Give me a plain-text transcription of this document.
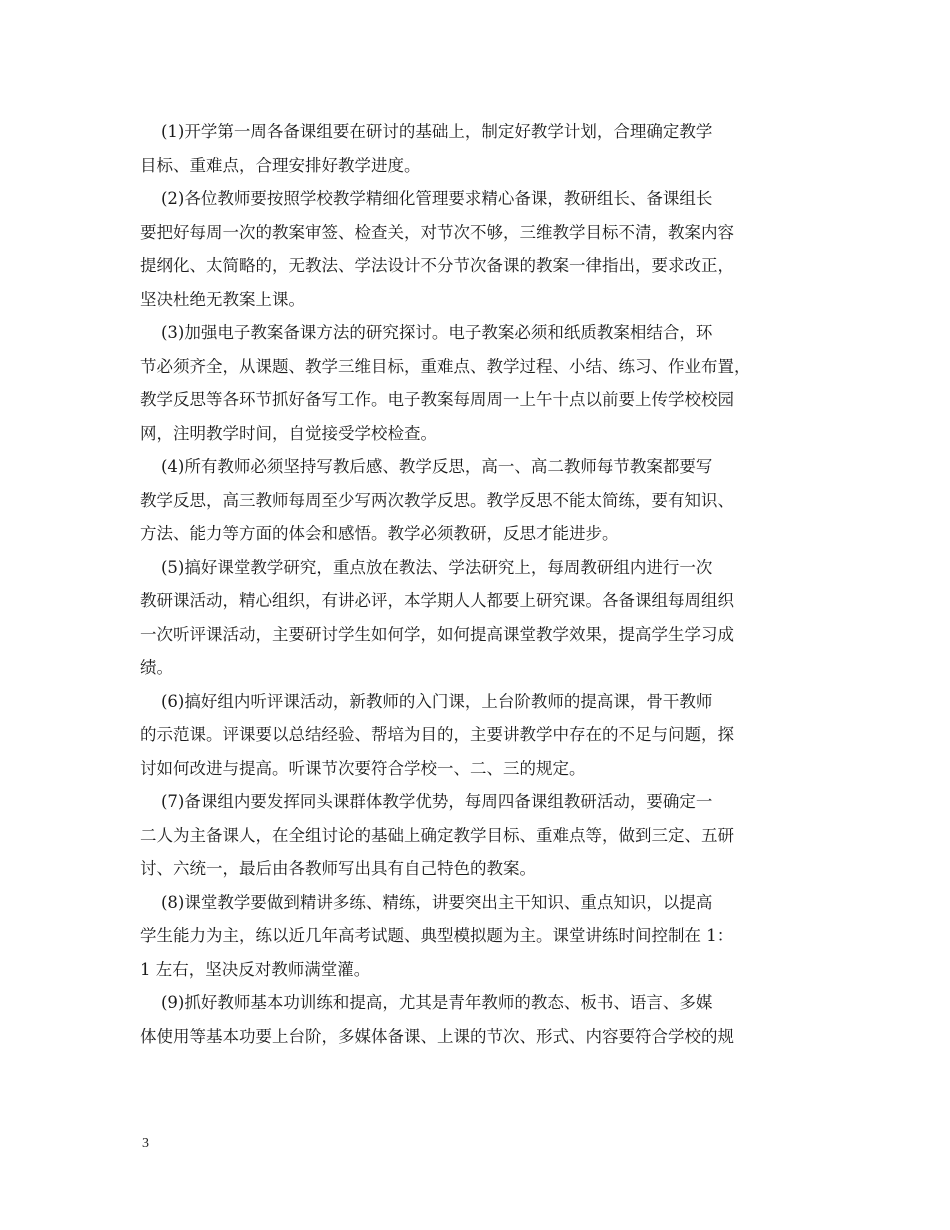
(1)开学第一周各备课组要在研讨的基础上，制定好教学计划，合理确定教学
目标、重难点，合理安排好教学进度。
(2)各位教师要按照学校教学精细化管理要求精心备课，教研组长、备课组长
要把好每周一次的教案审签、检查关，对节次不够，三维教学目标不清，教案内容
提纲化、太简略的，无教法、学法设计不分节次备课的教案一律指出，要求改正，
坚决杜绝无教案上课。
(3)加强电子教案备课方法的研究探讨。电子教案必须和纸质教案相结合，环
节必须齐全，从课题、教学三维目标，重难点、教学过程、小结、练习、作业布置，
教学反思等各环节抓好备写工作。电子教案每周周一上午十点以前要上传学校校园
网，注明教学时间，自觉接受学校检查。
(4)所有教师必须坚持写教后感、教学反思，高一、高二教师每节教案都要写
教学反思，高三教师每周至少写两次教学反思。教学反思不能太简练，要有知识、
方法、能力等方面的体会和感悟。教学必须教研，反思才能进步。
(5)搞好课堂教学研究，重点放在教法、学法研究上，每周教研组内进行一次
教研课活动，精心组织，有讲必评，本学期人人都要上研究课。各备课组每周组织
一次听评课活动，主要研讨学生如何学，如何提高课堂教学效果，提高学生学习成
绩。
(6)搞好组内听评课活动，新教师的入门课，上台阶教师的提高课，骨干教师
的示范课。评课要以总结经验、帮培为目的，主要讲教学中存在的不足与问题，探
讨如何改进与提高。听课节次要符合学校一、二、三的规定。
(7)备课组内要发挥同头课群体教学优势，每周四备课组教研活动，要确定一
二人为主备课人，在全组讨论的基础上确定教学目标、重难点等，做到三定、五研
讨、六统一，最后由各教师写出具有自己特色的教案。
(8)课堂教学要做到精讲多练、精练，讲要突出主干知识、重点知识，以提高
学生能力为主，练以近几年高考试题、典型模拟题为主。课堂讲练时间控制在 1：
1 左右，坚决反对教师满堂灌。
(9)抓好教师基本功训练和提高，尤其是青年教师的教态、板书、语言、多媒
体使用等基本功要上台阶，多媒体备课、上课的节次、形式、内容要符合学校的规
3
